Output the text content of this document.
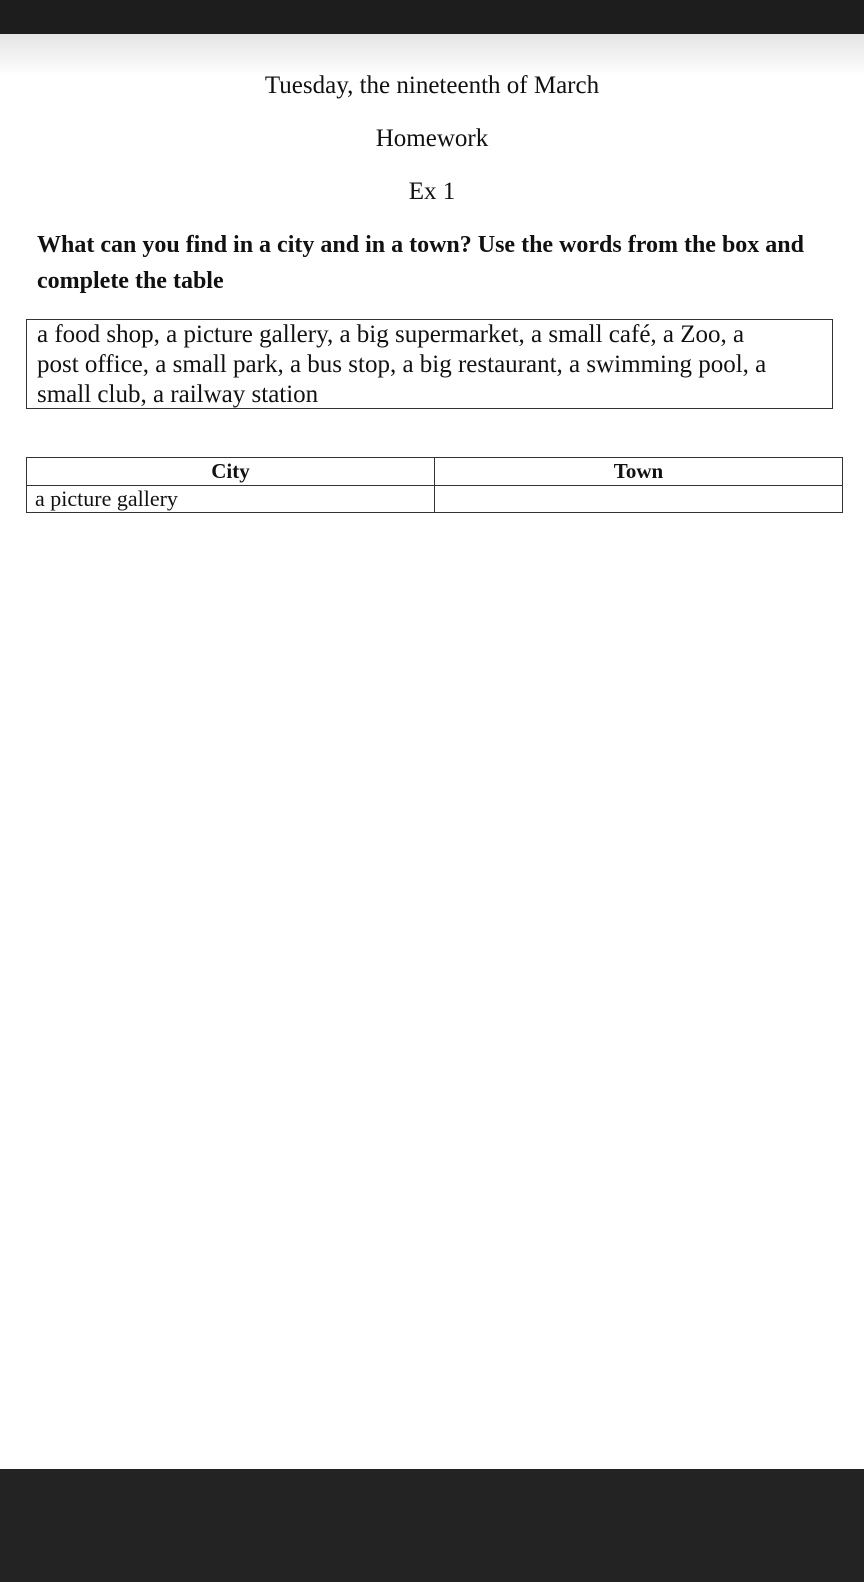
Tuesday, the nineteenth of March
Homework
Ex 1
What can you find in a city and in a town? Use the words from the box and complete the table
a food shop, a picture gallery, a big supermarket, a small café, a Zoo, a
post office, a small park, a bus stop, a big restaurant, a swimming pool, a
small club, a railway station
City	Town
a picture gallery	
